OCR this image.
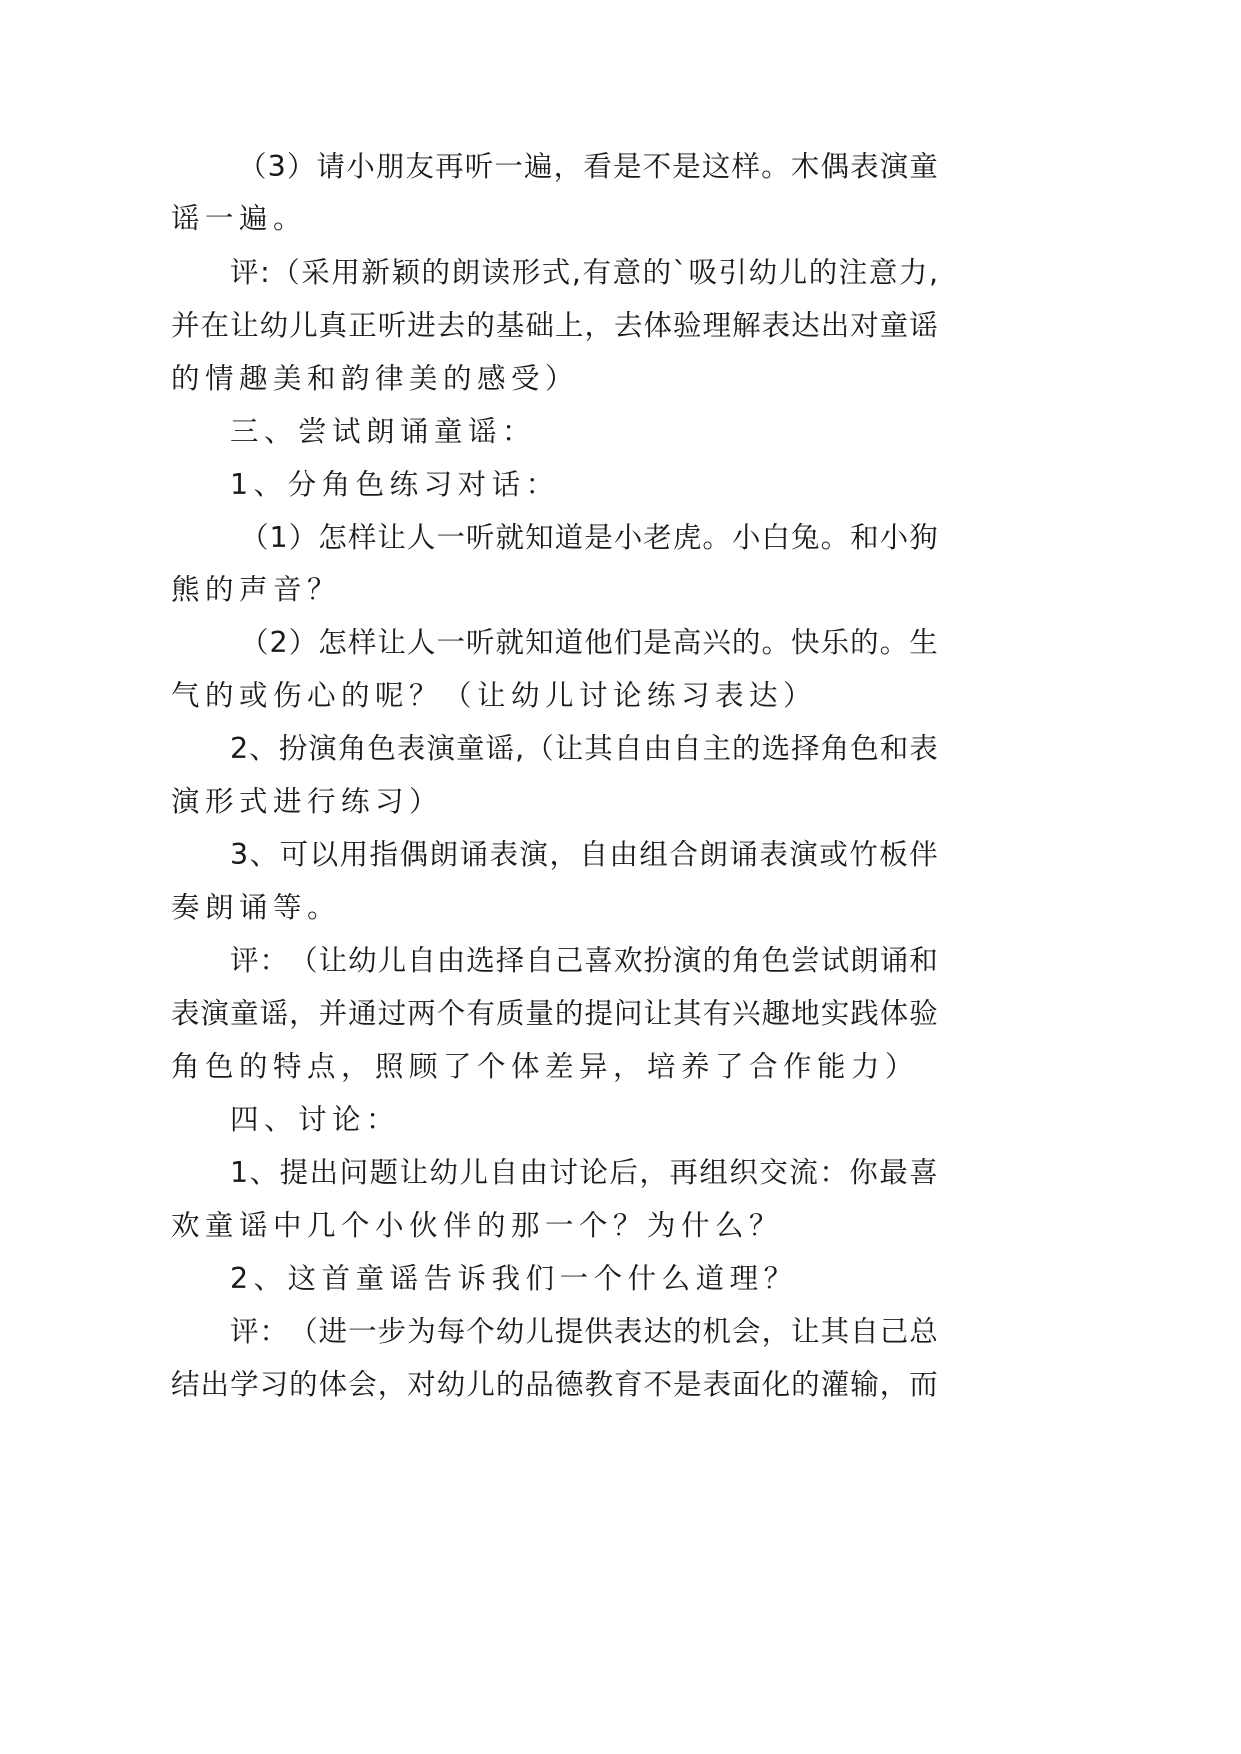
（ 3 ） 请 小 朋 友 再 听 一 遍 ， 看 是 不 是 这 样 。 木 偶 表 演 童
谣一遍。
评 : （ 采 用 新 颖 的 朗 读 形 式 , 有 意 的 ` 吸 引 幼 儿 的 注 意 力 ,
并 在 让 幼 儿 真 正 听 进 去 的 基 础 上 ， 去 体 验 理 解 表 达 出 对 童 谣
的情趣美和韵律美的感受）
三、尝试朗诵童谣：
1、分角色练习对话：
（ 1 ） 怎 样 让 人 一 听 就 知 道 是 小 老 虎 。 小 白 兔 。 和 小 狗
熊的声音？
（ 2 ） 怎 样 让 人 一 听 就 知 道 他 们 是 高 兴 的 。 快 乐 的 。 生
气的或伤心的呢？（让幼儿讨论练习表达）
2 、 扮 演 角 色 表 演 童 谣 , （ 让 其 自 由 自 主 的 选 择 角 色 和 表
演形式进行练习）
3 、 可 以 用 指 偶 朗 诵 表 演 ， 自 由 组 合 朗 诵 表 演 或 竹 板 伴
奏朗诵等。
评 ： （ 让 幼 儿 自 由 选 择 自 己 喜 欢 扮 演 的 角 色 尝 试 朗 诵 和
表 演 童 谣 ， 并 通 过 两 个 有 质 量 的 提 问 让 其 有 兴 趣 地 实 践 体 验
角色的特点，照顾了个体差异，培养了合作能力）
四、讨论：
1 、 提 出 问 题 让 幼 儿 自 由 讨 论 后 ， 再 组 织 交 流 ： 你 最 喜
欢童谣中几个小伙伴的那一个？为什么？
2、这首童谣告诉我们一个什么道理？
评 ： （ 进 一 步 为 每 个 幼 儿 提 供 表 达 的 机 会 ， 让 其 自 己 总
结 出 学 习 的 体 会 ， 对 幼 儿 的 品 德 教 育 不 是 表 面 化 的 灌 输 ， 而
